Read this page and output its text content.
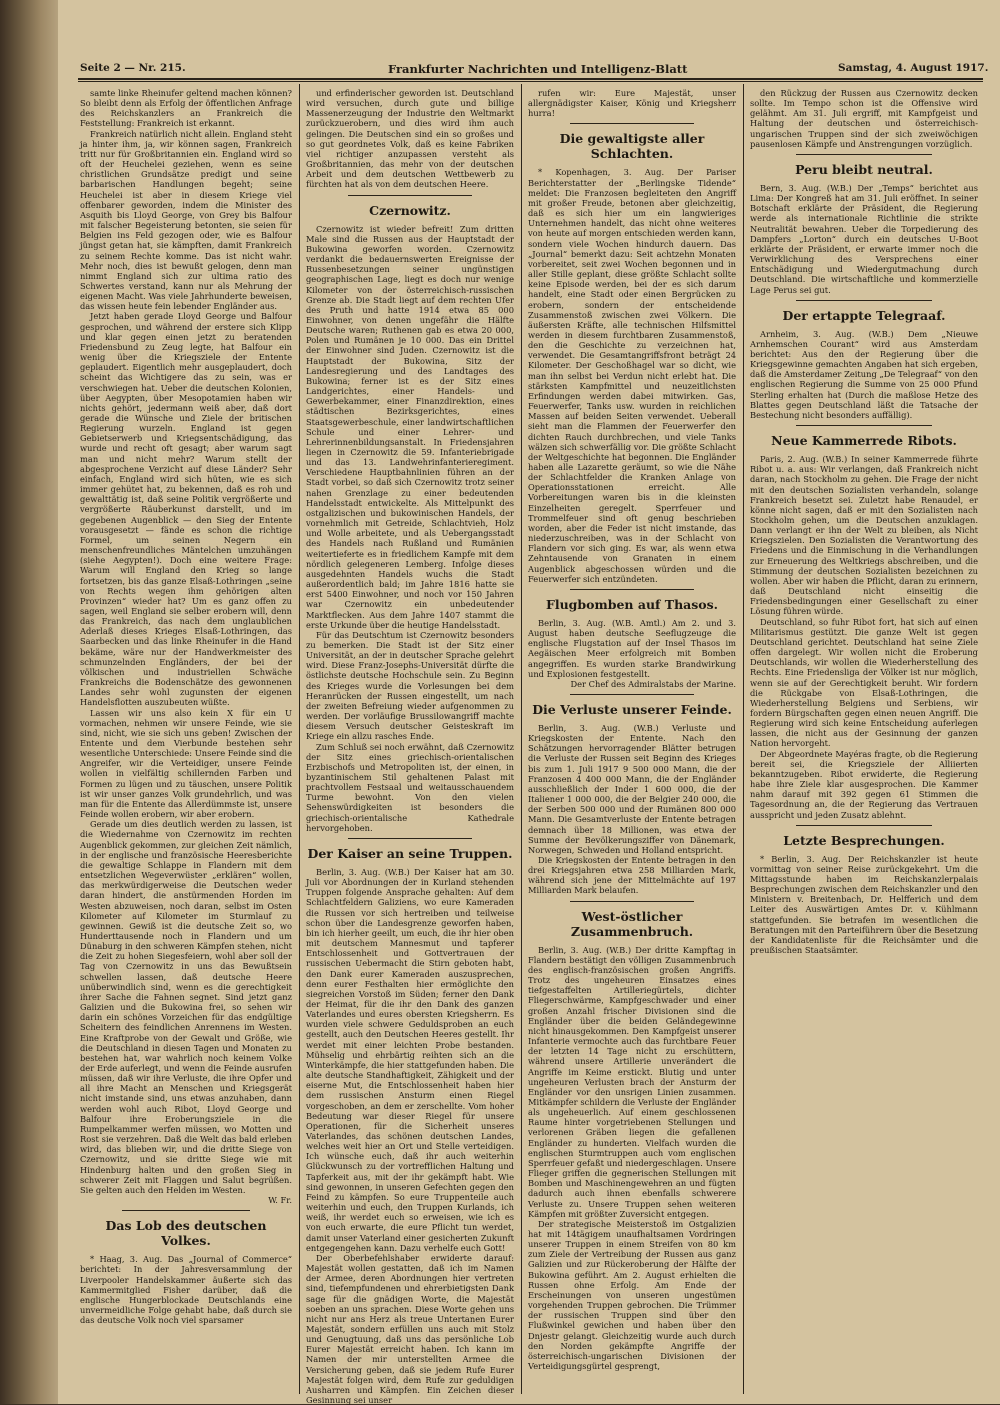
Seite 2 — Nr. 215.	Frankfurter Nachrichten und Intelligenz-Blatt	Samstag, 4. August 1917.

samte linke Rheinufer geltend machen können? So bleibt denn als Erfolg der öffentlichen Anfrage des Reichskanzlers an Frankreich die Feststellung: Frankreich ist erkannt.

Frankreich natürlich nicht allein. England steht ja hinter ihm, ja, wir können sagen, Frankreich tritt nur für Großbritannien ein. England wird so oft der Heuchelei geziehen, wenn es seine christlichen Grundsätze predigt und seine barbarischen Handlungen begeht; seine Heuchelei ist aber in diesem Kriege viel offenbarer geworden, indem die Minister des Asquith bis Lloyd George, von Grey bis Balfour mit falscher Begeisterung betonten, sie seien für Belgien ins Feld gezogen oder, wie es Balfour jüngst getan hat, sie kämpften, damit Frankreich zu seinem Rechte komme. Das ist nicht wahr. Mehr noch, dies ist bewußt gelogen, denn man nimmt England sich zur ultima ratio des Schwertes verstand, kann nur als Mehrung der eigenen Macht. Was viele Jahrhunderte beweisen, das wissen heute fein lebender Engländer aus.

Jetzt haben gerade Lloyd George und Balfour gesprochen, und während der erstere sich Klipp und klar gegen einen jetzt zu beratenden Friedensbund zu Zeug legte, hat Balfour ein wenig über die Kriegsziele der Entente geplaudert. Eigentlich mehr ausgeplaudert, doch scheint das Wichtigere das zu sein, was er verschwiegen hat. Ueber die deutschen Kolonien, über Aegypten, über Mesopotamien haben wir nichts gehört, jedermann weiß aber, daß dort gerade die Wünsche und Ziele der britischen Regierung wurzeln. England ist gegen Gebietserwerb und Kriegsentschädigung, das wurde und recht oft gesagt; aber warum sagt man und nicht mehr? Warum stellt der abgesprochene Verzicht auf diese Länder? Sehr einfach, England wird sich hüten, wie es sich immer gehütet hat, zu bekennen, daß es roh und gewalttätig ist, daß seine Politik vergrößerte und vergrößerte Räuberkunst darstellt, und im gegebenen Augenblick — den Sieg der Entente vorausgesetzt — fände es schon die richtige Formel, um seinen Negern ein menschenfreundliches Mäntelchen umzuhängen (siehe Aegypten!). Doch eine weitere Frage: Warum will England den Krieg so lange fortsetzen, bis das ganze Elsaß-Lothringen „seine von Rechts wegen ihm gehörigen alten Provinzen“ wieder hat? Um es ganz offen zu sagen, weil England sie selber erobern will, denn das Frankreich, das nach dem unglaublichen Aderlaß dieses Krieges Elsaß-Lothringen, das Saarbecken und das linke Rheinufer in die Hand bekäme, wäre nur der Handwerkmeister des schmunzelnden Engländers, der bei der völkischen und industriellen Schwäche Frankreichs die Bodenschätze des gewonnenen Landes sehr wohl zugunsten der eigenen Handelsflotten auszubeuten wüßte.

Lassen wir uns also kein X für ein U vormachen, nehmen wir unsere Feinde, wie sie sind, nicht, wie sie sich uns geben! Zwischen der Entente und dem Vierbunde bestehen sehr wesentliche Unterschiede: Unsere Feinde sind die Angreifer, wir die Verteidiger, unsere Feinde wollen in vielfältig schillernden Farben und Formen zu lügen und zu täuschen, unsere Politik ist wir unser ganzes Volk grundehrlich, und was man für die Entente das Allerdümmste ist, unsere Feinde wollen erobern, wir aber erobern.

Gerade um dies deutlich werden zu lassen, ist die Wiedernahme von Czernowitz im rechten Augenblick gekommen, zur gleichen Zeit nämlich, in der englische und französische Heeresberichte die gewaltige Schlappe in Flandern mit dem entsetzlichen Wegeverwüster „erklären“ wollen, das merkwürdigerweise die Deutschen weder daran hindert, die anstürmenden Horden im Westen abzuweisen, noch daran, selbst im Osten Kilometer auf Kilometer im Sturmlauf zu gewinnen. Gewiß ist die deutsche Zeit so, wo Hunderttausende noch in Flandern und um Dünaburg in den schweren Kämpfen stehen, nicht die Zeit zu hohen Siegesfeiern, wohl aber soll der Tag von Czernowitz in uns das Bewußtsein schwellen lassen, daß deutsche Heere unüberwindlich sind, wenn es die gerechtigkeit ihrer Sache die Fahnen segnet. Sind jetzt ganz Galizien und die Bukowina frei, so sehen wir darin ein schönes Vorzeichen für das endgültige Scheitern des feindlichen Anrennens im Westen. Eine Kraftprobe von der Gewalt und Größe, wie die Deutschland in diesen Tagen und Monaten zu bestehen hat, war wahrlich noch keinem Volke der Erde auferlegt, und wenn die Feinde ausrufen müssen, daß wir ihre Verluste, die ihre Opfer und all ihre Macht an Menschen und Kriegsgerät nicht imstande sind, uns etwas anzuhaben, dann werden wohl auch Ribot, Lloyd George und Balfour ihre Eroberungsziele in die Rumpelkammer werfen müssen, wo Motten und Rost sie verzehren. Daß die Welt das bald erleben wird, das blieben wir, und die dritte Siege von Czernowitz, und sie dritte Siege wie mit Hindenburg halten und den großen Sieg in schwerer Zeit mit Flaggen und Salut begrüßen. Sie gelten auch den Helden im Westen.

W. Fr.

Das Lob des deutschen Volkes.

* Haag, 3. Aug. Das „Journal of Commerce“ berichtet: In der Jahresversammlung der Liverpooler Handelskammer äußerte sich das Kammermitglied Fisher darüber, daß die englische Hungerblockade Deutschlands eine unvermeidliche Folge gehabt habe, daß durch sie das deutsche Volk noch viel sparsamer

und erfinderischer geworden ist. Deutschland wird versuchen, durch gute und billige Massenerzeugung der Industrie den Weltmarkt zurückzuerobern, und dies wird ihm auch gelingen. Die Deutschen sind ein so großes und so gut geordnetes Volk, daß es keine Fabriken viel richtiger anzupassen versteht als Großbritannien, das mehr von der deutschen Arbeit und dem deutschen Wettbewerb zu fürchten hat als von dem deutschen Heere.

Czernowitz.

Czernowitz ist wieder befreit! Zum dritten Male sind die Russen aus der Hauptstadt der Bukowina geworfen worden. Czernowitz verdankt die bedauernswerten Ereignisse der Russenbesetzungen seiner ungünstigen geographischen Lage, liegt es doch nur wenige Kilometer von der österreichisch-russischen Grenze ab. Die Stadt liegt auf dem rechten Ufer des Pruth und hatte 1914 etwa 85 000 Einwohner, von denen ungefähr die Hälfte Deutsche waren; Ruthenen gab es etwa 20 000, Polen und Rumänen je 10 000. Das ein Drittel der Einwohner sind Juden. Czernowitz ist die Hauptstadt der Bukowina, Sitz der Landesregierung und des Landtages des Bukowina; ferner ist es der Sitz eines Landgerichtes, einer Handels- und Gewerbekammer, einer Finanzdirektion, eines städtischen Bezirksgerichtes, eines Staatsgewerbeschule, einer landwirtschaftlichen Schule und einer Lehrer- und Lehrerinnenbildungsanstalt. In Friedensjahren liegen in Czernowitz die 59. Infanteriebrigade und das 13. Landwehrinfanterieregiment. Verschiedene Hauptbahnlinien führen an der Stadt vorbei, so daß sich Czernowitz trotz seiner nahen Grenzlage zu einer bedeutenden Handelsstadt entwickelte. Als Mittelpunkt des ostgalizischen und bukowinischen Handels, der vornehmlich mit Getreide, Schlachtvieh, Holz und Wolle arbeitete, und als Uebergangsstadt des Handels nach Rußland und Rumänien weitertieferte es in friedlichem Kampfe mit dem nördlich gelegeneren Lemberg. Infolge dieses ausgedehnten Handels wuchs die Stadt außerordentlich bald; im Jahre 1816 hatte sie erst 5400 Einwohner, und noch vor 150 Jahren war Czernowitz ein unbedeutender Marktflecken. Aus dem Jahre 1407 stammt die erste Urkunde über die heutige Handelsstadt.

Für das Deutschtum ist Czernowitz besonders zu bemerken. Die Stadt ist der Sitz einer Universität, an der in deutscher Sprache gelehrt wird. Diese Franz-Josephs-Universität dürfte die östlichste deutsche Hochschule sein. Zu Beginn des Krieges wurde die Vorlesungen bei dem Heranrücken der Russen eingestellt, um nach der zweiten Befreiung wieder aufgenommen zu werden. Der vorläufige Brussilowangriff machte diesem Versuch deutscher Geisteskraft im Kriege ein allzu rasches Ende.

Zum Schluß sei noch erwähnt, daß Czernowitz der Sitz eines griechisch-orientalischen Erzbischofs und Metropoliten ist, der einen, in byzantinischem Stil gehaltenen Palast mit prachtvollem Festsaal und weitausschauendem Turme bewohnt. Von den vielen Sehenswürdigkeiten ist besonders die griechisch-orientalische Kathedrale hervorgehoben.

Der Kaiser an seine Truppen.

Berlin, 3. Aug. (W.B.) Der Kaiser hat am 30. Juli vor Abordnungen der in Kurland stehenden Truppen folgende Ansprache gehalten: Auf dem Schlachtfeldern Galiziens, wo eure Kameraden die Russen vor sich hertreiben und teilweise schon über die Landesgrenze geworfen haben, bin ich hierher geeilt, um euch, die ihr hier oben mit deutschem Mannesmut und tapferer Entschlossenheit und Gottvertrauen der russischen Uebermacht die Stirn geboten habt, den Dank eurer Kameraden auszusprechen, denn eurer Festhalten hier ermöglichte den siegreichen Vorstoß im Süden; ferner den Dank der Heimat, für die ihr den Dank des ganzen Vaterlandes und eures obersten Kriegsherrn. Es wurden viele schwere Geduldsproben an euch gestellt, auch den Deutschen Heeres gestellt. Ihr werdet mit einer leichten Probe bestanden. Mühselig und ehrbärtig reihten sich an die Winterkämpfe, die hier stattgefunden haben. Die alte deutsche Standhaftigkeit, Zähigkeit und der eiserne Mut, die Entschlossenheit haben hier dem russischen Ansturm einen Riegel vorgeschoben, an dem er zerschellte. Vom hoher Bedeutung war dieser Riegel für unsere Operationen, für die Sicherheit unseres Vaterlandes, das schönen deutschen Landes, welches weit hier an Ort und Stelle verteidigen. Ich wünsche euch, daß ihr auch weiterhin Glückwunsch zu der vortrefflichen Haltung und Tapferkeit aus, mit der ihr gekämpft habt. Wie sind gewonnen, in unseren Gefechten gegen den Feind zu kämpfen. So eure Truppenteile auch weiterhin und euch, den Truppen Kurlands, ich weiß, ihr werdet euch so erweisen, wie ich es von euch erwarte, die eure Pflicht tun werdet, damit unser Vaterland einer gesicherten Zukunft entgegengehen kann. Dazu verhelfe euch Gott!

Der Oberbefehlshaber erwiderte darauf: Majestät wollen gestatten, daß ich im Namen der Armee, deren Abordnungen hier vertreten sind, tiefempfundenen und ehrerbietigsten Dank sage für die gnädigen Worte, die Majestät soeben an uns sprachen. Diese Worte gehen uns nicht nur ans Herz als treue Untertanen Eurer Majestät, sondern erfüllen uns auch mit Stolz und Genugtuung, daß uns das persönliche Lob Eurer Majestät erreicht haben. Ich kann im Namen der mir unterstellten Armee die Versicherung geben, daß sie jedem Rufe Eurer Majestät folgen wird, dem Rufe zur geduldigen Ausharren und Kämpfen. Ein Zeichen dieser Gesinnung sei unser

rufen wir: Eure Majestät, unser allergnädigster Kaiser, König und Kriegsherr hurra!

Die gewaltigste aller Schlachten.

* Kopenhagen, 3. Aug. Der Pariser Berichterstatter der „Berlingske Tidende“ meldet: Die Franzosen begleiteten den Angriff mit großer Freude, betonen aber gleichzeitig, daß es sich hier um ein langwieriges Unternehmen handelt, das nicht ohne weiteres von heute auf morgen entschieden werden kann, sondern viele Wochen hindurch dauern. Das „Journal“ bemerkt dazu: Seit achtzehn Monaten vorbereitet, seit zwei Wochen begonnen und in aller Stille geplant, diese größte Schlacht sollte keine Episode werden, bei der es sich darum handelt, eine Stadt oder einen Bergrücken zu erobern, sondern der entscheidende Zusammenstoß zwischen zwei Völkern. Die äußersten Kräfte, alle technischen Hilfsmittel werden in diesem furchtbaren Zusammenstoß, den die Geschichte zu verzeichnen hat, verwendet. Die Gesamtangriffsfront beträgt 24 Kilometer. Der Geschoßhagel war so dicht, wie man ihn selbst bei Verdun nicht erlebt hat. Die stärksten Kampfmittel und neuzeitlichsten Erfindungen werden dabei mitwirken. Gas, Feuerwerfer, Tanks usw. wurden in reichlichen Massen auf beiden Seiten verwendet. Ueberall sieht man die Flammen der Feuerwerfer den dichten Rauch durchbrechen, und viele Tanks wälzen sich schwerfällig vor. Die größte Schlacht der Weltgeschichte hat begonnen. Die Engländer haben alle Lazarette geräumt, so wie die Nähe der Schlachtfelder die Kranken Anlage von Operationsstationen erreicht. Alle Vorbereitungen waren bis in die kleinsten Einzelheiten geregelt. Sperrfeuer und Trommelfeuer sind oft genug beschrieben worden, aber die Feder ist nicht imstande, das niederzuschreiben, was in der Schlacht von Flandern vor sich ging. Es war, als wenn etwa Zehntausende von Granaten in einem Augenblick abgeschossen würden und die Feuerwerfer sich entzündeten.

Flugbomben auf Thasos.

Berlin, 3. Aug. (W.B. Amtl.) Am 2. und 3. August haben deutsche Seeflugzeuge die englische Flugstation auf der Insel Thasos im Aegäischen Meer erfolgreich mit Bomben angegriffen. Es wurden starke Brandwirkung und Explosionen festgestellt.

Der Chef des Admiralstabs der Marine.

Die Verluste unserer Feinde.

Berlin, 3. Aug. (W.B.) Verluste und Kriegskosten der Entente. Nach den Schätzungen hervorragender Blätter betrugen die Verluste der Russen seit Beginn des Krieges bis zum 1. Juli 1917 9 500 000 Mann, die der Franzosen 4 400 000 Mann, die der Engländer ausschließlich der Inder 1 600 000, die der Italiener 1 000 000, die der Belgier 240 000, die der Serben 500 000 und der Rumänen 800 000 Mann. Die Gesamtverluste der Entente betragen demnach über 18 Millionen, was etwa der Summe der Bevölkerungsziffer von Dänemark, Norwegen, Schweden und Holland entspricht.

Die Kriegskosten der Entente betragen in den drei Kriegsjahren etwa 258 Milliarden Mark, während sich jene der Mittelmächte auf 197 Milliarden Mark belaufen.

West-östlicher Zusammenbruch.

Berlin, 3. Aug. (W.B.) Der dritte Kampftag in Flandern bestätigt den völligen Zusammenbruch des englisch-französischen großen Angriffs. Trotz des ungeheuren Einsatzes eines tiefgestaffelten Artilleriegürtels, dichter Fliegerschwärme, Kampfgeschwader und einer großen Anzahl frischer Divisionen sind die Engländer über die beiden Geländegewinne nicht hinausgekommen. Den Kampfgeist unserer Infanterie vermochte auch das furchtbare Feuer der letzten 14 Tage nicht zu erschüttern, während unsere Artillerie unverändert die Angriffe im Keime erstickt. Blutig und unter ungeheuren Verlusten brach der Ansturm der Engländer vor den unsrigen Linien zusammen. Mitkämpfer schildern die Verluste der Engländer als ungeheuerlich. Auf einem geschlossenen Raume hinter vorgetriebenen Stellungen und verlorenen Gräben liegen die gefallenen Engländer zu hunderten. Vielfach wurden die englischen Sturmtruppen auch vom englischen Sperrfeuer gefaßt und niedergeschlagen. Unsere Flieger griffen die gegnerischen Stellungen mit Bomben und Maschinengewehren an und fügten dadurch auch ihnen ebenfalls schwerere Verluste zu. Unsere Truppen sehen weiteren Kämpfen mit größter Zuversicht entgegen.

Der strategische Meisterstoß im Ostgalizien hat mit 14tägigem unaufhaltsamen Vordringen unserer Truppen in einem Streifen von 80 km zum Ziele der Vertreibung der Russen aus ganz Galizien und zur Rückeroberung der Hälfte der Bukowina geführt. Am 2. August erhielten die Russen ohne Erfolg. Am Ende der Erscheinungen von unseren ungestümen vorgehenden Truppen gebrochen. Die Trümmer der russischen Truppen sind über den Flußwinkel gewichen und haben über den Dnjestr gelangt. Gleichzeitig wurde auch durch den Norden gekämpfte Angriffe der österreichisch-ungarischen Divisionen der Verteidigungsgürtel gesprengt,

den Rückzug der Russen aus Czernowitz decken sollte. Im Tempo schon ist die Offensive wird gelähmt. Am 31. Juli ergriff, mit Kampfgeist und Haltung der deutschen und österreichisch-ungarischen Truppen sind der sich zweiwöchigen pausenlosen Kämpfe und Anstrengungen vorzüglich.

Peru bleibt neutral.

Bern, 3. Aug. (W.B.) Der „Temps“ berichtet aus Lima: Der Kongreß hat am 31. Juli eröffnet. In seiner Botschaft erklärte der Präsident, die Regierung werde als internationale Richtlinie die strikte Neutralität bewahren. Ueber die Torpedierung des Dampfers „Lorton“ durch ein deutsches U-Boot erklärte der Präsident, er erwarte immer noch die Verwirklichung des Versprechens einer Entschädigung und Wiedergutmachung durch Deutschland. Die wirtschaftliche und kommerzielle Lage Perus sei gut.

Der ertappte Telegraaf.

Arnheim, 3. Aug. (W.B.) Dem „Nieuwe Arnhemschen Courant“ wird aus Amsterdam berichtet: Aus den der Regierung über die Kriegsgewinne gemachten Angaben hat sich ergeben, daß die Amsterdamer Zeitung „De Telegraaf“ von den englischen Regierung die Summe von 25 000 Pfund Sterling erhalten hat (Durch die maßlose Hetze des Blattes gegen Deutschland läßt die Tatsache der Bestechung nicht besonders auffällig).

Neue Kammerrede Ribots.

Paris, 2. Aug. (W.B.) In seiner Kammerrede führte Ribot u. a. aus: Wir verlangen, daß Frankreich nicht daran, nach Stockholm zu gehen. Die Frage der nicht mit den deutschen Sozialisten verhandeln, solange Frankreich besetzt sei. Zuletzt habe Renaudel, er könne nicht sagen, daß er mit den Sozialisten nach Stockholm gehen, um die Deutschen anzuklagen. Dann verlangt er ihn der Welt zu bleiben, als Nicht Kriegszielen. Den Sozialisten die Verantwortung des Friedens und die Einmischung in die Verhandlungen zur Erneuerung des Weltkriegs abschreiben, und die Stimmung der deutschen Sozialisten bezeichnen zu wollen. Aber wir haben die Pflicht, daran zu erinnern, daß Deutschland nicht einseitig die Friedensbedingungen einer Gesellschaft zu einer Lösung führen würde.

Deutschland, so fuhr Ribot fort, hat sich auf einen Militarismus gestützt. Die ganze Welt ist gegen Deutschland gerichtet. Deutschland hat seine Ziele offen dargelegt. Wir wollen nicht die Eroberung Deutschlands, wir wollen die Wiederherstellung des Rechts. Eine Friedensliga der Völker ist nur möglich, wenn sie auf der Gerechtigkeit beruht. Wir fordern die Rückgabe von Elsaß-Lothringen, die Wiederherstellung Belgiens und Serbiens, wir fordern Bürgschaften gegen einen neuen Angriff. Die Regierung wird sich keine Entscheidung auferlegen lassen, die nicht aus der Gesinnung der ganzen Nation hervorgeht.

Der Abgeordnete Mayéras fragte, ob die Regierung bereit sei, die Kriegsziele der Alliierten bekanntzugeben. Ribot erwiderte, die Regierung habe ihre Ziele klar ausgesprochen. Die Kammer nahm darauf mit 392 gegen 61 Stimmen die Tagesordnung an, die der Regierung das Vertrauen ausspricht und jeden Zusatz ablehnt.

Letzte Besprechungen.

* Berlin, 3. Aug. Der Reichskanzler ist heute vormittag von seiner Reise zurückgekehrt. Um die Mittagsstunde haben im Reichskanzlerpalais Besprechungen zwischen dem Reichskanzler und den Ministern v. Breitenbach, Dr. Helfferich und dem Leiter des Auswärtigen Amtes Dr. v. Kühlmann stattgefunden. Sie betrafen im wesentlichen die Beratungen mit den Parteiführern über die Besetzung der Kandidatenliste für die Reichsämter und die preußischen Staatsämter.
